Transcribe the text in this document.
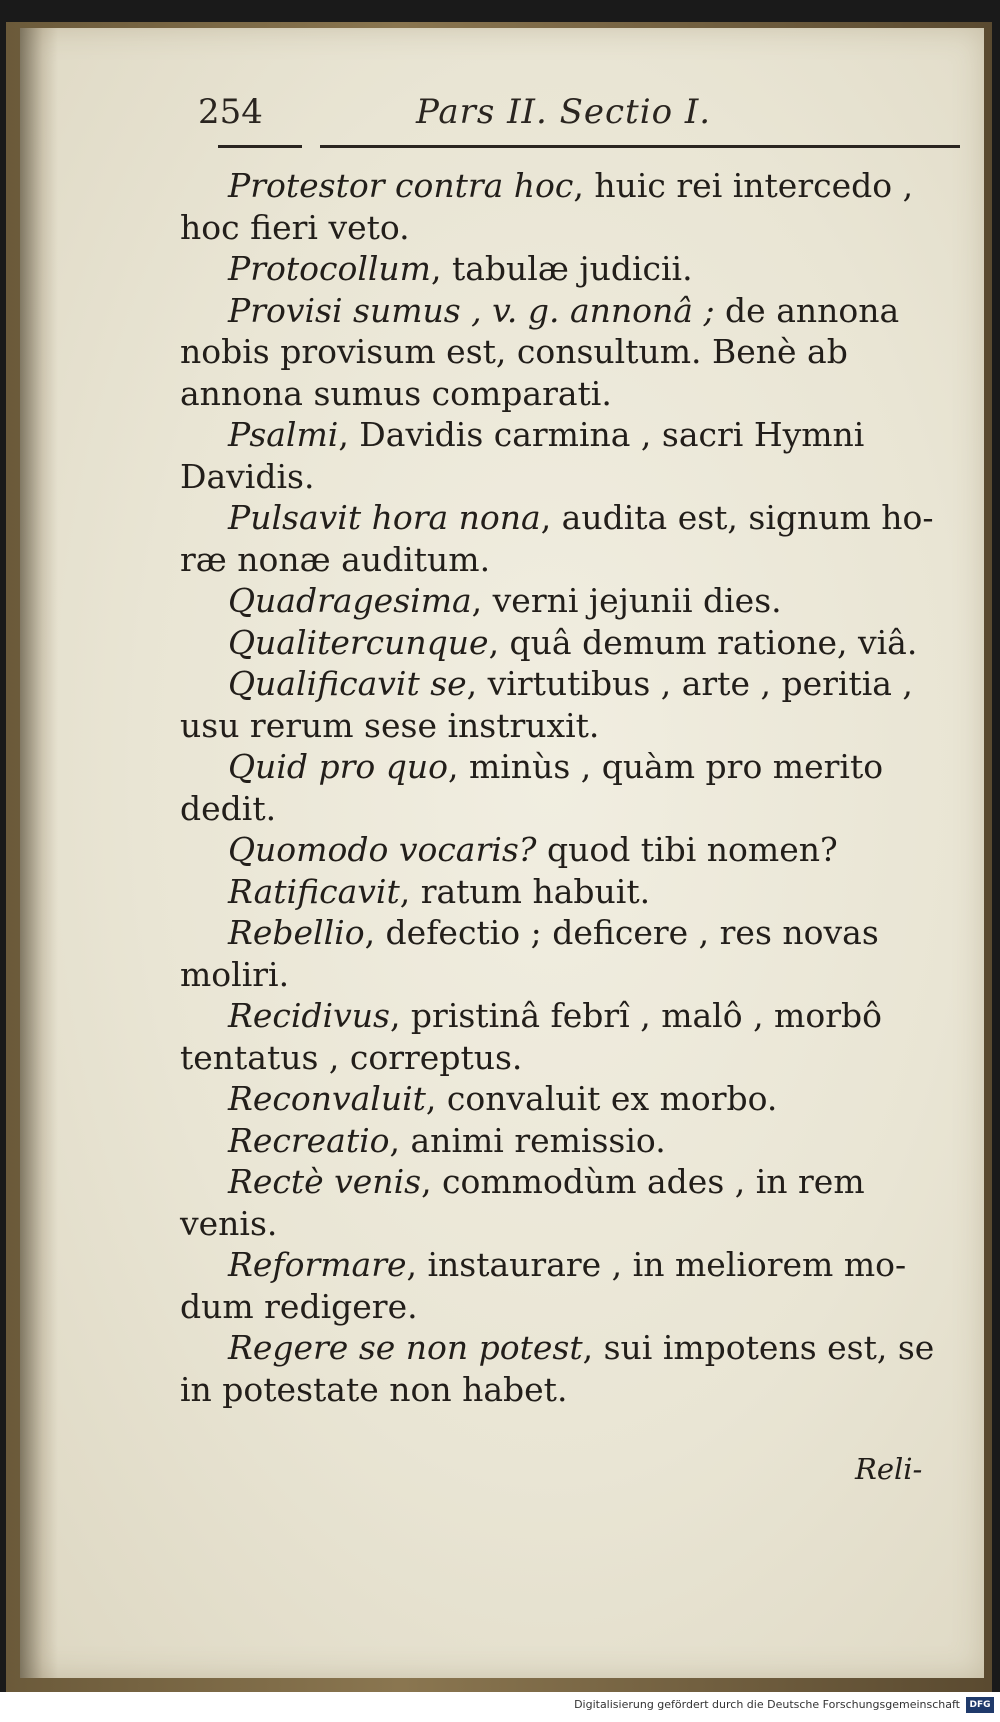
254	Pars II. Sectio I.

Protestor contra hoc, huic rei intercedo ,
hoc fieri veto.

Protocollum, tabulæ judicii.

Provisi sumus , v. g. annonâ ; de annona
nobis provisum est, consultum. Benè ab
annona sumus comparati.

Psalmi, Davidis carmina , sacri Hymni
Davidis.

Pulsavit hora nona, audita est, signum ho-
ræ nonæ auditum.

Quadragesima, verni jejunii dies.

Qualitercunque, quâ demum ratione, viâ.

Qualificavit se, virtutibus , arte , peritia ,
usu rerum sese instruxit.

Quid pro quo, minùs , quàm pro merito
dedit.

Quomodo vocaris? quod tibi nomen?

Ratificavit, ratum habuit.

Rebellio, defectio ; deficere , res novas
moliri.

Recidivus, pristinâ febrî , malô , morbô
tentatus , correptus.

Reconvaluit, convaluit ex morbo.

Recreatio, animi remissio.

Rectè venis, commodùm ades , in rem
venis.

Reformare, instaurare , in meliorem mo-
dum redigere.

Regere se non potest, sui impotens est, se
in potestate non habet.

Reli-
Digitalisierung gefördert durch die Deutsche Forschungsgemeinschaft	DFG
